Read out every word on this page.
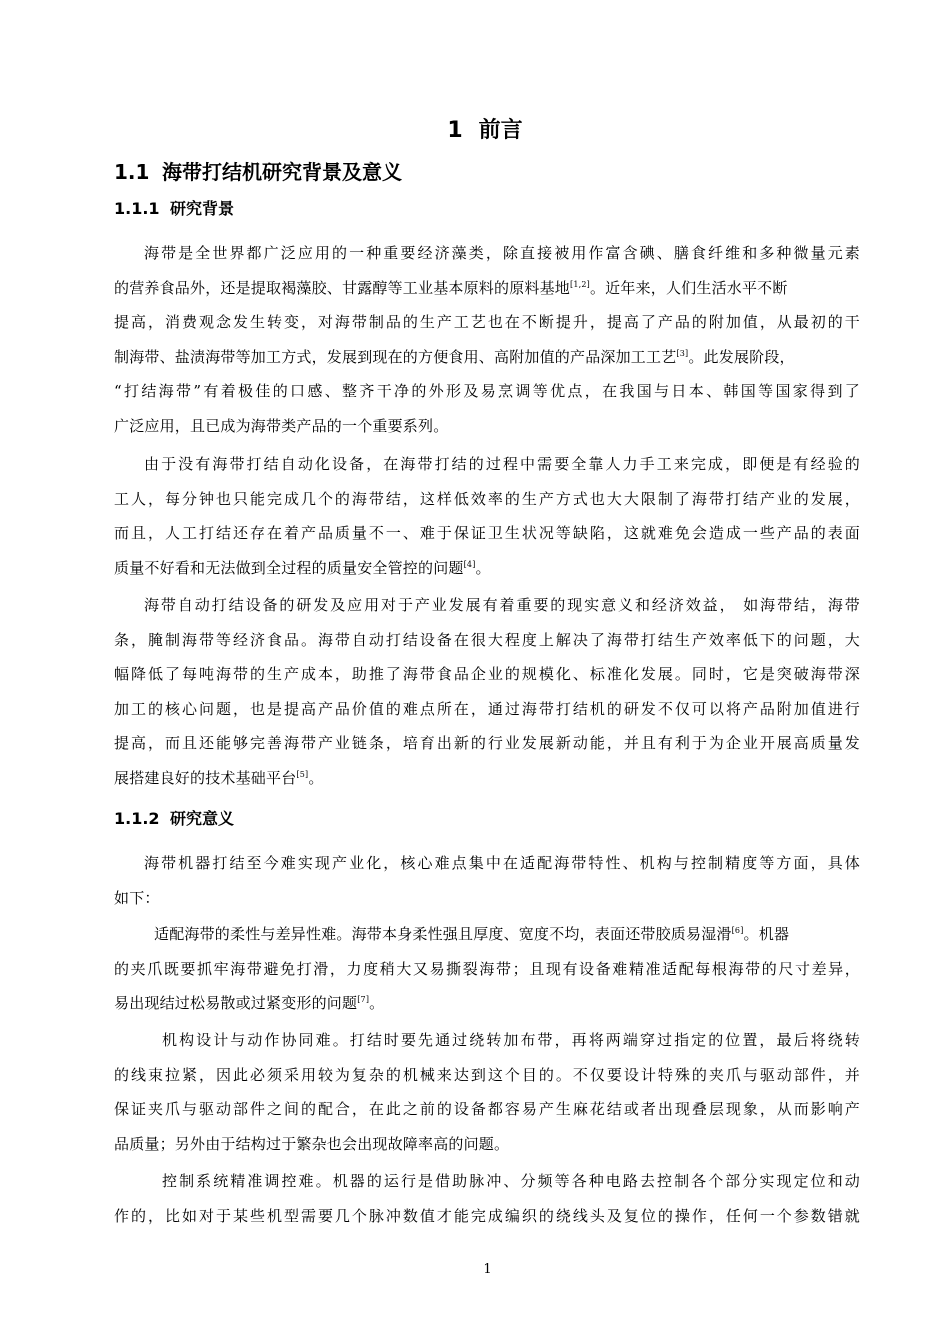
1 前言
1.1 海带打结机研究背景及意义
1.1.1 研究背景
海带是全世界都广泛应用的一种重要经济藻类，除直接被用作富含碘、膳食纤维和多种微量元素
的营养食品外，还是提取褐藻胶、甘露醇等工业基本原料的原料基地[1,2]。近年来，人们生活水平不断
提高，消费观念发生转变，对海带制品的生产工艺也在不断提升，提高了产品的附加值，从最初的干
制海带、盐渍海带等加工方式，发展到现在的方便食用、高附加值的产品深加工工艺[3]。此发展阶段，
“打结海带”有着极佳的口感、整齐干净的外形及易烹调等优点，在我国与日本、韩国等国家得到了
广泛应用，且已成为海带类产品的一个重要系列。
由于没有海带打结自动化设备，在海带打结的过程中需要全靠人力手工来完成，即便是有经验的
工人，每分钟也只能完成几个的海带结，这样低效率的生产方式也大大限制了海带打结产业的发展，
而且，人工打结还存在着产品质量不一、难于保证卫生状况等缺陷，这就难免会造成一些产品的表面
质量不好看和无法做到全过程的质量安全管控的问题[4]。
海带自动打结设备的研发及应用对于产业发展有着重要的现实意义和经济效益， 如海带结，海带
条，腌制海带等经济食品。海带自动打结设备在很大程度上解决了海带打结生产效率低下的问题，大
幅降低了每吨海带的生产成本，助推了海带食品企业的规模化、标准化发展。同时，它是突破海带深
加工的核心问题，也是提高产品价值的难点所在，通过海带打结机的研发不仅可以将产品附加值进行
提高，而且还能够完善海带产业链条，培育出新的行业发展新动能，并且有利于为企业开展高质量发
展搭建良好的技术基础平台[5]。
1.1.2 研究意义
海带机器打结至今难实现产业化，核心难点集中在适配海带特性、机构与控制精度等方面，具体
如下：
适配海带的柔性与差异性难。海带本身柔性强且厚度、宽度不均，表面还带胶质易湿滑[6]。机器
的夹爪既要抓牢海带避免打滑，力度稍大又易撕裂海带；且现有设备难精准适配每根海带的尺寸差异，
易出现结过松易散或过紧变形的问题[7]。
机构设计与动作协同难。打结时要先通过绕转加布带，再将两端穿过指定的位置，最后将绕转
的线束拉紧，因此必须采用较为复杂的机械来达到这个目的。不仅要设计特殊的夹爪与驱动部件，并
保证夹爪与驱动部件之间的配合，在此之前的设备都容易产生麻花结或者出现叠层现象，从而影响产
品质量；另外由于结构过于繁杂也会出现故障率高的问题。
控制系统精准调控难。机器的运行是借助脉冲、分频等各种电路去控制各个部分实现定位和动
作的，比如对于某些机型需要几个脉冲数值才能完成编织的绕线头及复位的操作，任何一个参数错就
1
